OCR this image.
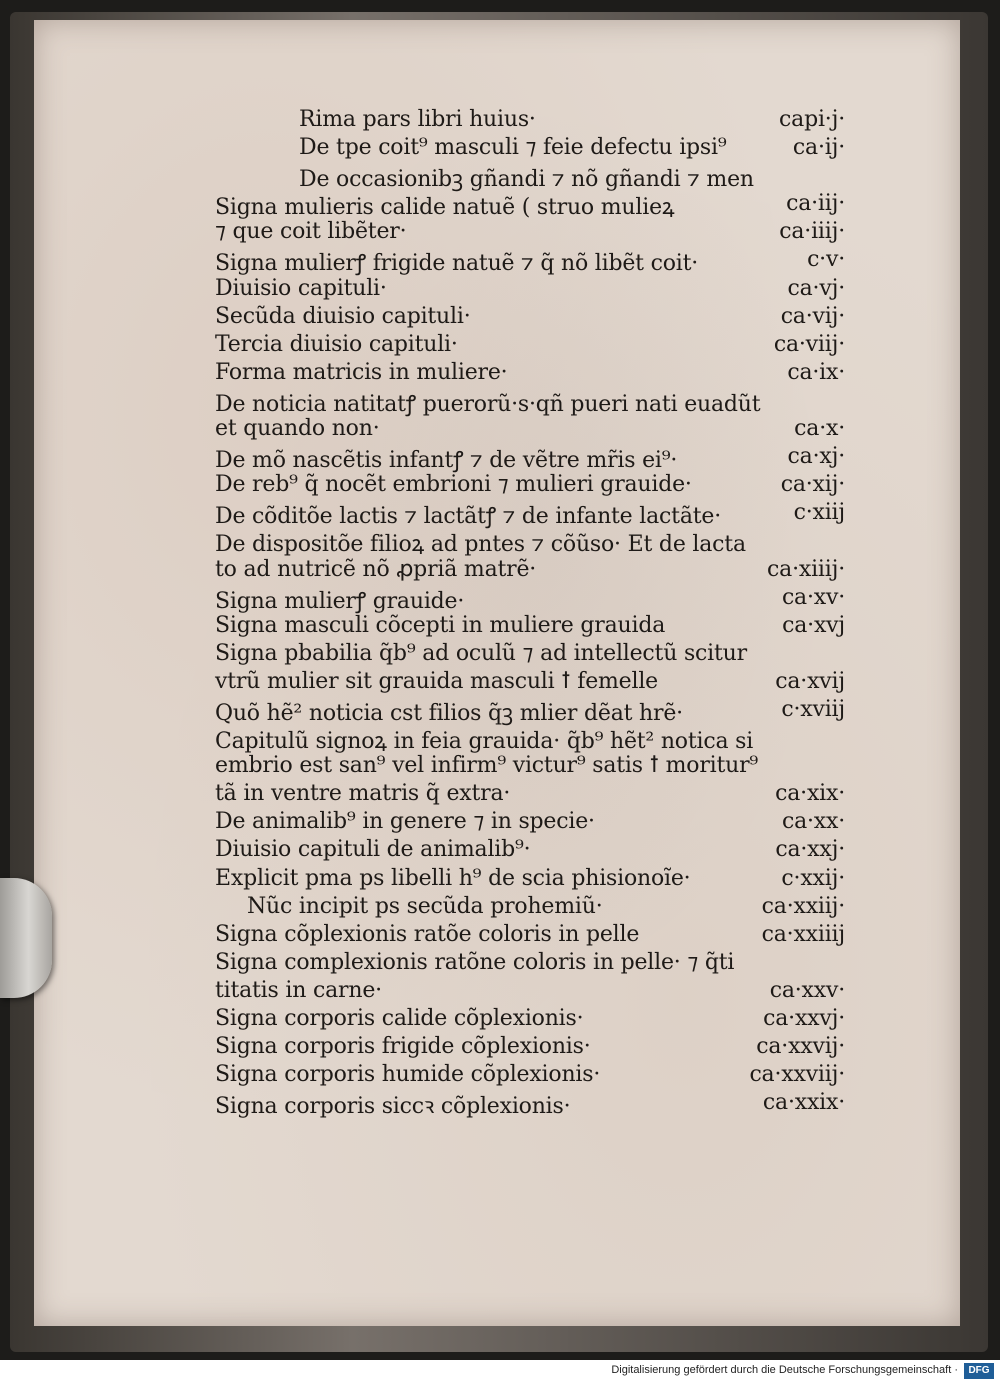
Rima pars libri huius·	capi·j·
De tpe coit⁹ masculi ⁊ feie defectu ipsi⁹	ca·ij·
De occasionibꝫ gñandi ⁊ nõ gñandi ⁊ men
Signa mulieris calide natuẽ ( struo mulieꝝ	ca·iij·
⁊ que coit libẽter·	ca·iiij·
Signa mulierꝭ frigide natuẽ ⁊ q̃ nõ libẽt coit·	c·v·
Diuisio capituli·	ca·vj·
Secũda diuisio capituli·	ca·vij·
Tercia diuisio capituli·	ca·viij·
Forma matricis in muliere·	ca·ix·
De noticia natitatꝭ puerorũ·s·qñ pueri nati euadũt
et quando non·	ca·x·
De mõ nascẽtis infantꝭ ⁊ de vẽtre mr̃is ei⁹·	ca·xj·
De reb⁹ q̃ nocẽt embrioni ⁊ mulieri grauide·	ca·xij·
De cõditõe lactis ⁊ lactãtꝭ ⁊ de infante lactãte·	c·xiij
De dispositõe filioꝝ ad pntes ⁊ cõũso· Et de lacta
to ad nutricẽ nõ ꝓpriã matrẽ·	ca·xiiij·
Signa mulierꝭ grauide·	ca·xv·
Signa masculi cõcepti in muliere grauida	ca·xvj
Signa pbabilia q̃b⁹ ad oculũ ⁊ ad intellectũ scitur
vtrũ mulier sit grauida masculi ꝉ femelle	ca·xvij
Quõ hẽ² noticia cst filios q̃ꝫ mlier dẽat hrẽ·	c·xviij
Capitulũ signoꝝ in feia grauida· q̃b⁹ hẽt² notica si
embrio est san⁹ vel infirm⁹ victur⁹ satis ꝉ moritur⁹
tã in ventre matris q̃ extra·	ca·xix·
De animalib⁹ in genere ⁊ in specie·	ca·xx·
Diuisio capituli de animalib⁹·	ca·xxj·
Explicit pma ps libelli h⁹ de scia phisionoĩe·	c·xxij·
Nũc incipit ps secũda prohemiũ·	ca·xxiij·
Signa cõplexionis ratõe coloris in pelle	ca·xxiiij
Signa complexionis ratõne coloris in pelle· ⁊ q̃ti
titatis in carne·	ca·xxv·
Signa corporis calide cõplexionis·	ca·xxvj·
Signa corporis frigide cõplexionis·	ca·xxvij·
Signa corporis humide cõplexionis·	ca·xxviij·
Signa corporis siccꝛ cõplexionis·	ca·xxix·
Digitalisierung gefördert durch die Deutsche Forschungsgemeinschaft ·	DFG
